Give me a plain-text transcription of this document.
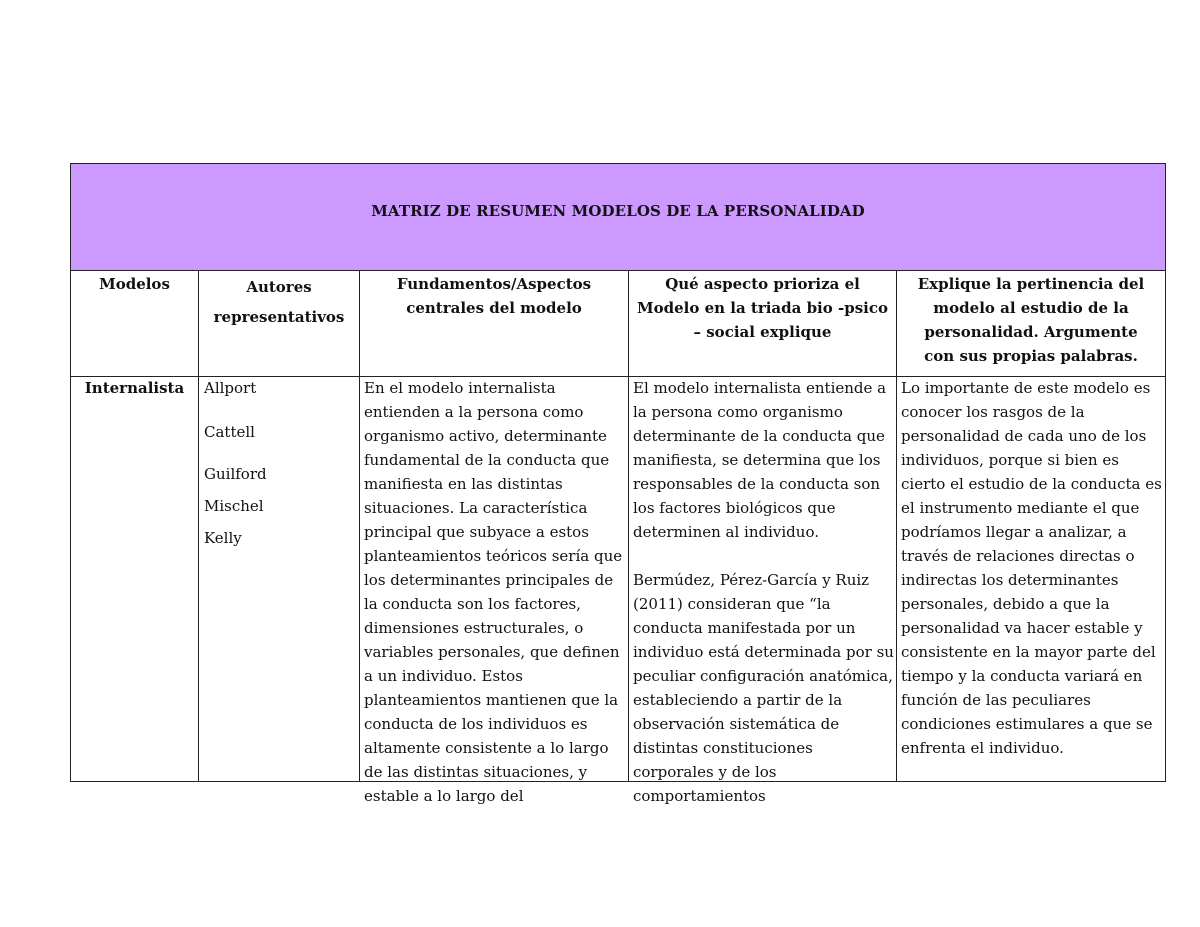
MATRIZ DE RESUMEN MODELOS DE LA PERSONALIDAD
Modelos	Autores representativos
Fundamentos/Aspectos centrales del modelo
Qué aspecto prioriza el Modelo en la triada bio -psico – social explique
Explique la pertinencia del modelo al estudio de la personalidad. Argumente con sus propias palabras.
Internalista	Allport
Cattell
Guilford
Mischel
Kelly
En el modelo internalista entienden a la persona como organismo activo, determinante fundamental de la conducta que manifiesta en las distintas situaciones. La característica principal que subyace a estos planteamientos teóricos sería que los determinantes principales de la conducta son los factores, dimensiones estructurales, o variables personales, que definen a un individuo. Estos planteamientos mantienen que la conducta de los individuos es altamente consistente a lo largo de las distintas situaciones, y estable a lo largo del
El modelo internalista entiende a la persona como organismo determinante de la conducta que manifiesta, se determina que los responsables de la conducta son los factores biológicos que determinen al individuo.
Bermúdez, Pérez-García y Ruiz (2011) consideran que “la conducta manifestada por un individuo está determinada por su peculiar configuración anatómica, estableciendo a partir de la observación sistemática de distintas constituciones corporales y de los comportamientos
Lo importante de este modelo es conocer los rasgos de la personalidad de cada uno de los individuos, porque si bien es cierto el estudio de la conducta es el instrumento mediante el que podríamos llegar a analizar, a través de relaciones directas o indirectas los determinantes personales, debido a que la personalidad va hacer estable y consistente en la mayor parte del tiempo y la conducta variará en función de las peculiares condiciones estimulares a que se enfrenta el individuo.
